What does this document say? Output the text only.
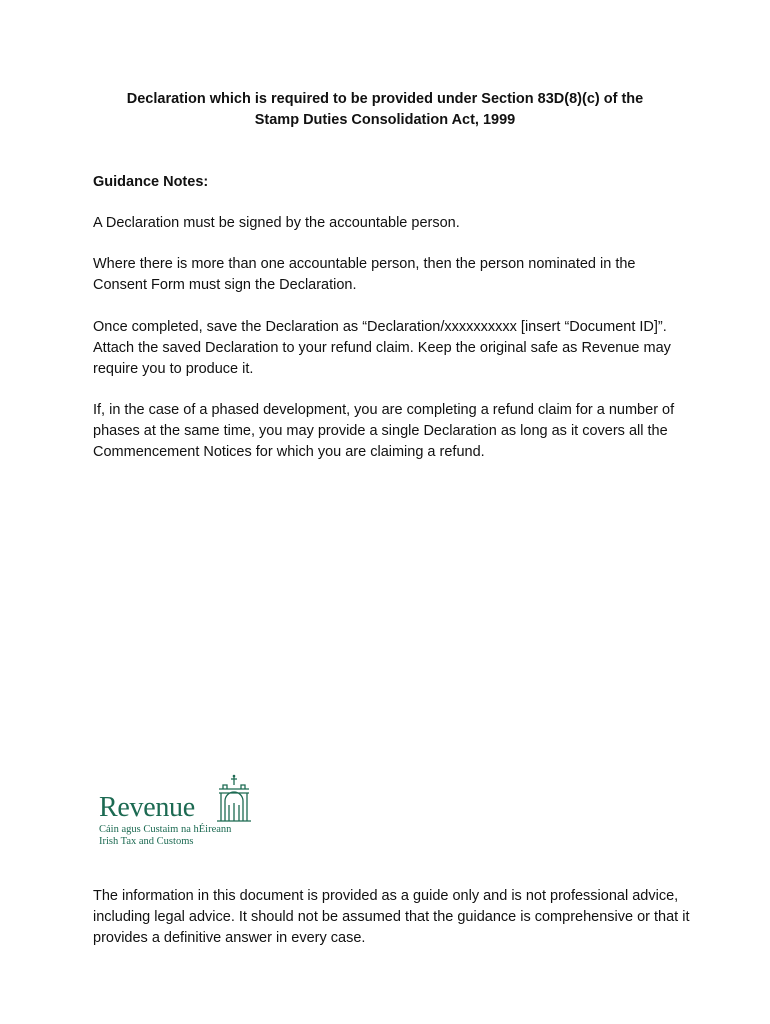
Declaration which is required to be provided under Section 83D(8)(c) of the
Stamp Duties Consolidation Act, 1999
Guidance Notes:
A Declaration must be signed by the accountable person.
Where there is more than one accountable person, then the person nominated in the Consent Form must sign the Declaration.
Once completed, save the Declaration as “Declaration/xxxxxxxxxx [insert “Document ID]”. Attach the saved Declaration to your refund claim. Keep the original safe as Revenue may require you to produce it.
If, in the case of a phased development, you are completing a refund claim for a number of phases at the same time, you may provide a single Declaration as long as it covers all the Commencement Notices for which you are claiming a refund.
Revenue
Cáin agus Custaim na hÉireann
Irish Tax and Customs
The information in this document is provided as a guide only and is not professional advice, including legal advice. It should not be assumed that the guidance is comprehensive or that it provides a definitive answer in every case.
